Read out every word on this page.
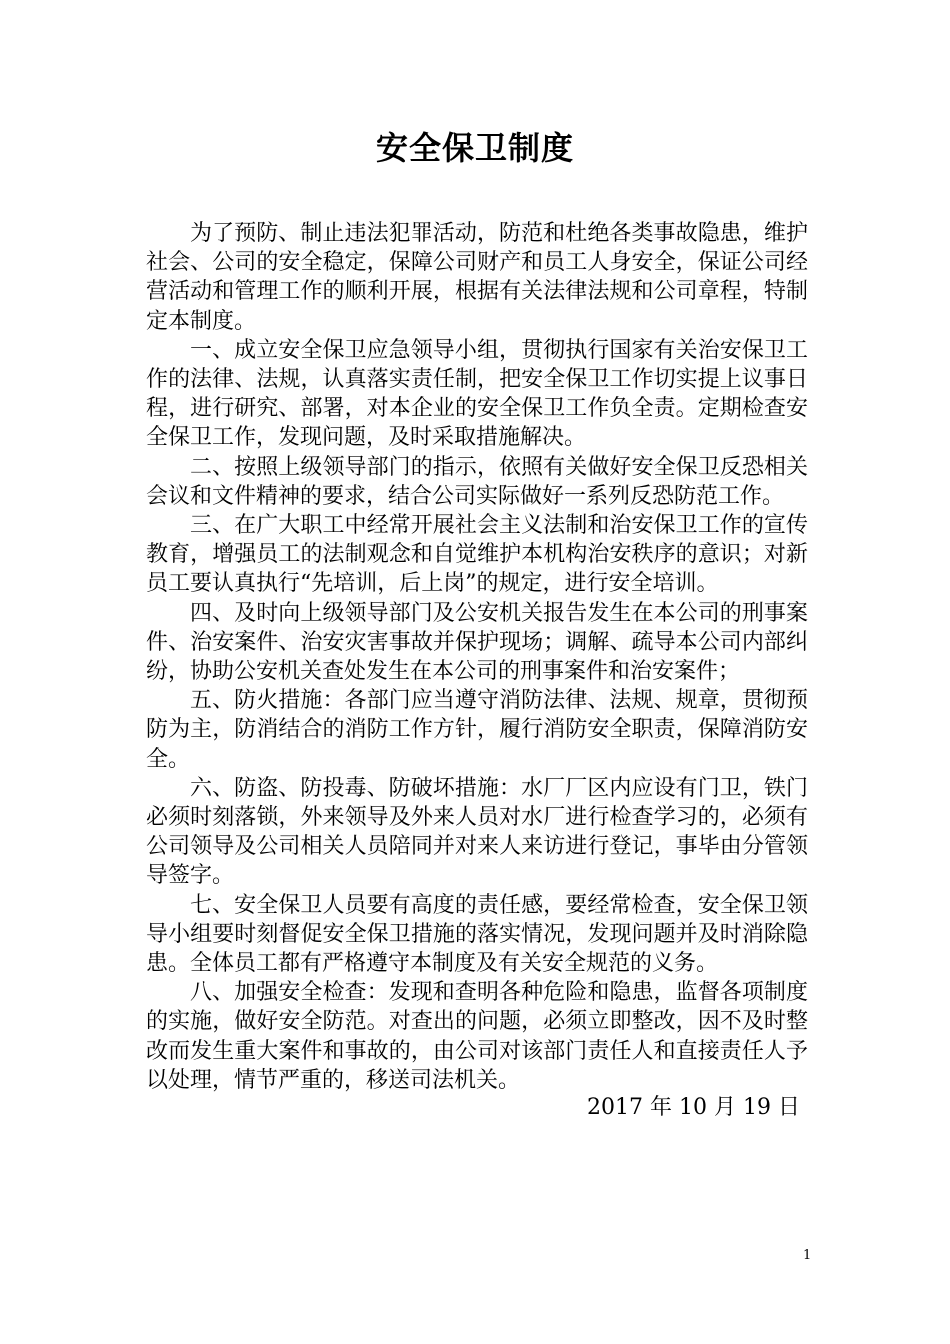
安全保卫制度

为了预防、制止违法犯罪活动，防范和杜绝各类事故隐患，维护社会、公司的安全稳定，保障公司财产和员工人身安全，保证公司经营活动和管理工作的顺利开展，根据有关法律法规和公司章程，特制定本制度。

一、成立安全保卫应急领导小组，贯彻执行国家有关治安保卫工作的法律、法规，认真落实责任制，把安全保卫工作切实提上议事日程，进行研究、部署，对本企业的安全保卫工作负全责。定期检查安全保卫工作，发现问题，及时采取措施解决。

二、按照上级领导部门的指示，依照有关做好安全保卫反恐相关会议和文件精神的要求，结合公司实际做好一系列反恐防范工作。

三、在广大职工中经常开展社会主义法制和治安保卫工作的宣传教育，增强员工的法制观念和自觉维护本机构治安秩序的意识；对新员工要认真执行“先培训，后上岗”的规定，进行安全培训。

四、及时向上级领导部门及公安机关报告发生在本公司的刑事案件、治安案件、治安灾害事故并保护现场；调解、疏导本公司内部纠纷，协助公安机关查处发生在本公司的刑事案件和治安案件；

五、防火措施：各部门应当遵守消防法律、法规、规章，贯彻预防为主，防消结合的消防工作方针，履行消防安全职责，保障消防安全。

六、防盗、防投毒、防破坏措施：水厂厂区内应设有门卫，铁门必须时刻落锁，外来领导及外来人员对水厂进行检查学习的，必须有公司领导及公司相关人员陪同并对来人来访进行登记，事毕由分管领导签字。

七、安全保卫人员要有高度的责任感，要经常检查，安全保卫领导小组要时刻督促安全保卫措施的落实情况，发现问题并及时消除隐患。全体员工都有严格遵守本制度及有关安全规范的义务。

八、加强安全检查：发现和查明各种危险和隐患，监督各项制度的实施，做好安全防范。对查出的问题，必须立即整改，因不及时整改而发生重大案件和事故的，由公司对该部门责任人和直接责任人予以处理，情节严重的，移送司法机关。

2017 年 10 月 19 日

1
